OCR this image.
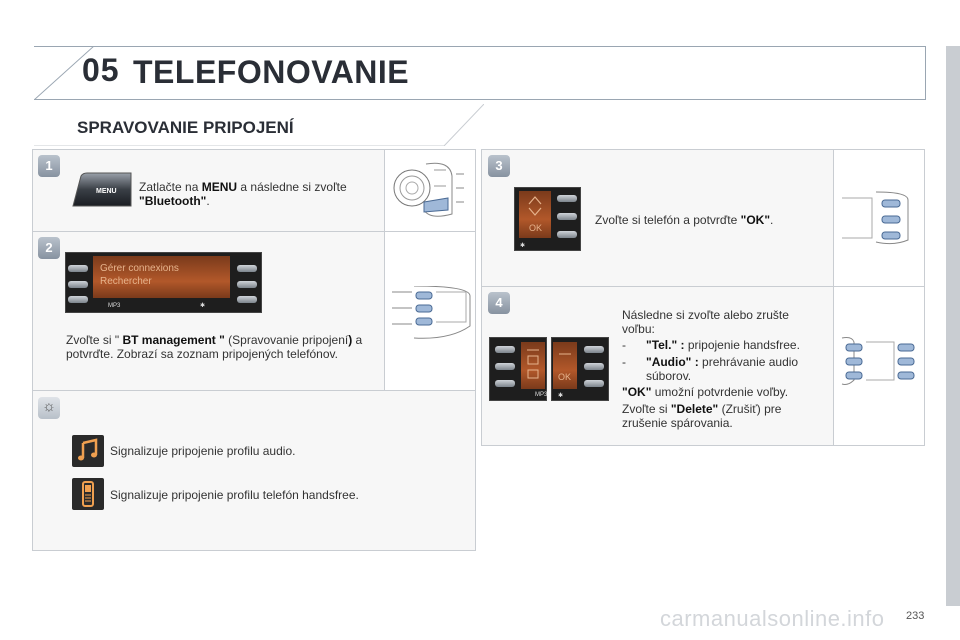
05 TELEFONOVANIE
SPRAVOVANIE PRIPOJENÍ
1
MENU Zatlačte na MENU a následne si zvoľte "Bluetooth".
2
Gérer connexions
Rechercher
MP3	✱
Zvoľte si " BT management " (Spravovanie pripojení) a potvrďte. Zobrazí sa zoznam pripojených telefónov.
☼
Signalizuje pripojenie profilu audio.
Signalizuje pripojenie profilu telefón handsfree.
3
OK
✱
Zvoľte si telefón a potvrďte "OK".
4
MP3
OK
✱
Následne si zvoľte alebo zrušte voľbu:
-	"Tel." : pripojenie handsfree.
-	"Audio" : prehrávanie audio súborov.
"OK" umožní potvrdenie voľby.
Zvoľte si "Delete" (Zrušiť) pre zrušenie spárovania.
carmanualsonline.info 233
